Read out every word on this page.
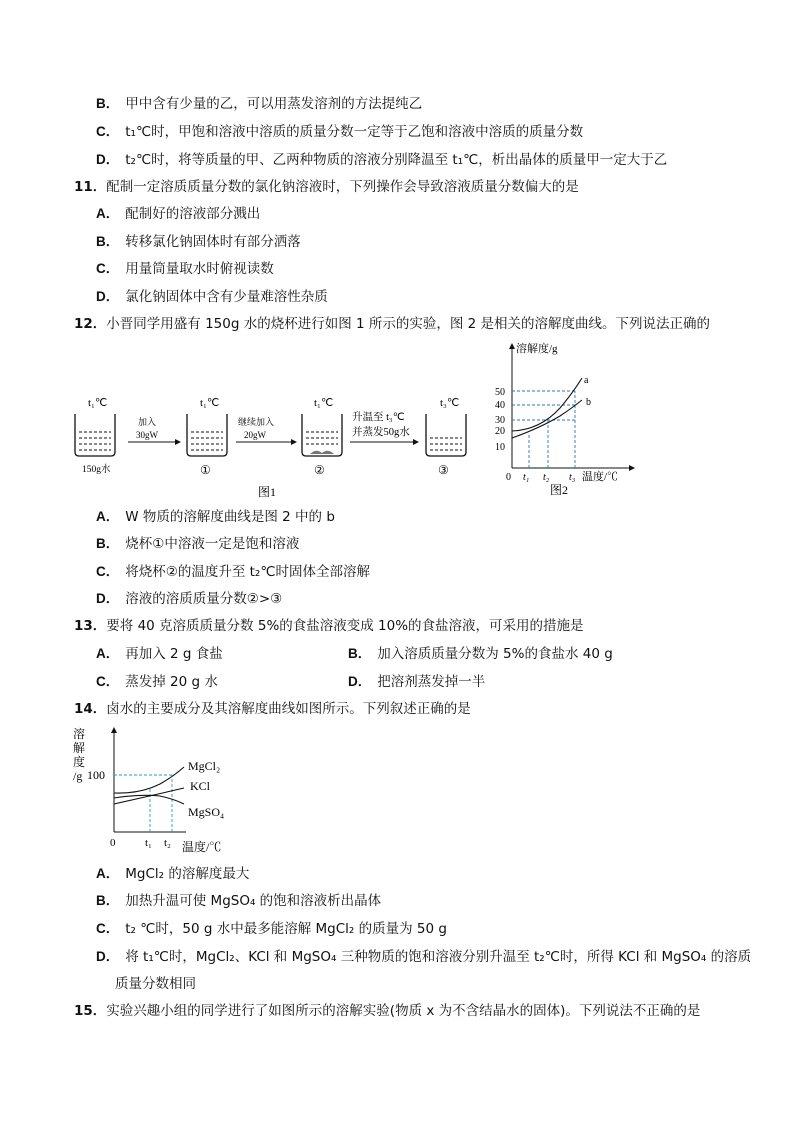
B． 甲中含有少量的乙，可以用蒸发溶剂的方法提纯乙
C． t₁℃时，甲饱和溶液中溶质的质量分数一定等于乙饱和溶液中溶质的质量分数
D． t₂℃时，将等质量的甲、乙两种物质的溶液分别降温至 t₁℃，析出晶体的质量甲一定大于乙
11．配制一定溶质质量分数的氯化钠溶液时，下列操作会导致溶液质量分数偏大的是
A． 配制好的溶液部分溅出
B． 转移氯化钠固体时有部分洒落
C． 用量筒量取水时俯视读数
D． 氯化钠固体中含有少量难溶性杂质
12．小晋同学用盛有 150g 水的烧杯进行如图 1 所示的实验，图 2 是相关的溶解度曲线。下列说法正确的
t₁℃
150g水
加入
30gW
t₁℃
①
继续加入
20gW
t₁℃
②
升温至 t₃℃
并蒸发50g水
t₃℃
③
图1
溶解度/g
50
40
30
20
10
0 t₁ t₂ t₃ 温度/℃
a
b
图2
A． W 物质的溶解度曲线是图 2 中的 b
B． 烧杯①中溶液一定是饱和溶液
C． 将烧杯②的温度升至 t₂℃时固体全部溶解
D． 溶液的溶质质量分数②>③
13．要将 40 克溶质质量分数 5%的食盐溶液变成 10%的食盐溶液，可采用的措施是
A． 再加入 2 g 食盐	B． 加入溶质质量分数为 5%的食盐水 40 g
C． 蒸发掉 20 g 水	D． 把溶剂蒸发掉一半
14．卤水的主要成分及其溶解度曲线如图所示。下列叙述正确的是
溶
解
度
/g 100
0	t₁ t₂ 温度/℃
MgCl₂
KCl
MgSO₄
A． MgCl₂ 的溶解度最大
B． 加热升温可使 MgSO₄ 的饱和溶液析出晶体
C． t₂ ℃时，50 g 水中最多能溶解 MgCl₂ 的质量为 50 g
D． 将 t₁℃时，MgCl₂、KCl 和 MgSO₄ 三种物质的饱和溶液分别升温至 t₂℃时，所得 KCl 和 MgSO₄ 的溶质
质量分数相同
15．实验兴趣小组的同学进行了如图所示的溶解实验(物质 x 为不含结晶水的固体)。下列说法不正确的是
